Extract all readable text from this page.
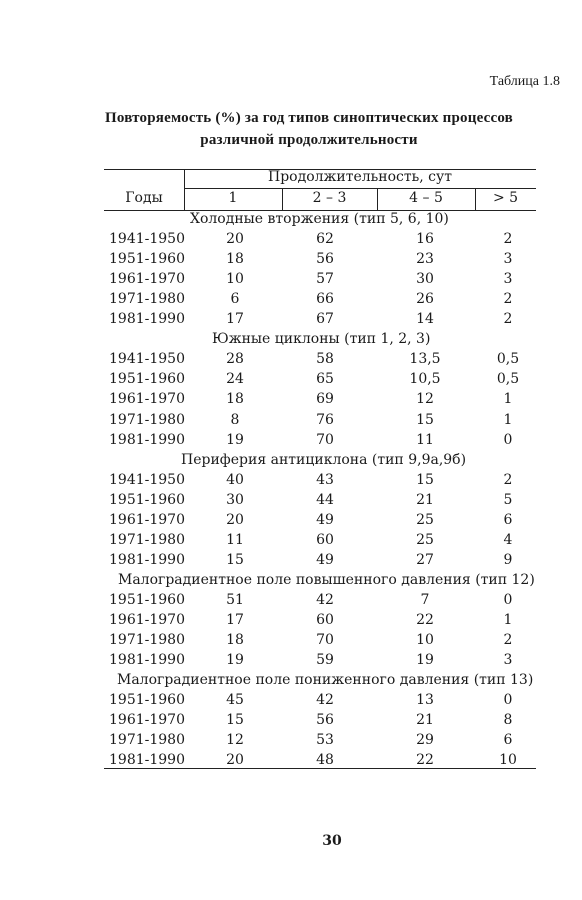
Таблица 1.8
Повторяемость (%) за год типов синоптических процессов
различной продолжительности
Годы
Продолжительность, сут
1	2 – 3	4 – 5	> 5
Холодные вторжения (тип 5, 6, 10)
1941-1950	20	62	16	2
1951-1960	18	56	23	3
1961-1970	10	57	30	3
1971-1980	6	66	26	2
1981-1990	17	67	14	2
Южные циклоны (тип 1, 2, 3)
1941-1950	28	58	13,5	0,5
1951-1960	24	65	10,5	0,5
1961-1970	18	69	12	1
1971-1980	8	76	15	1
1981-1990	19	70	11	0
Периферия антициклона (тип 9,9а,9б)
1941-1950	40	43	15	2
1951-1960	30	44	21	5
1961-1970	20	49	25	6
1971-1980	11	60	25	4
1981-1990	15	49	27	9
Малоградиентное поле повышенного давления (тип 12)
1951-1960	51	42	7	0
1961-1970	17	60	22	1
1971-1980	18	70	10	2
1981-1990	19	59	19	3
Малоградиентное поле пониженного давления (тип 13)
1951-1960	45	42	13	0
1961-1970	15	56	21	8
1971-1980	12	53	29	6
1981-1990	20	48	22	10
30
